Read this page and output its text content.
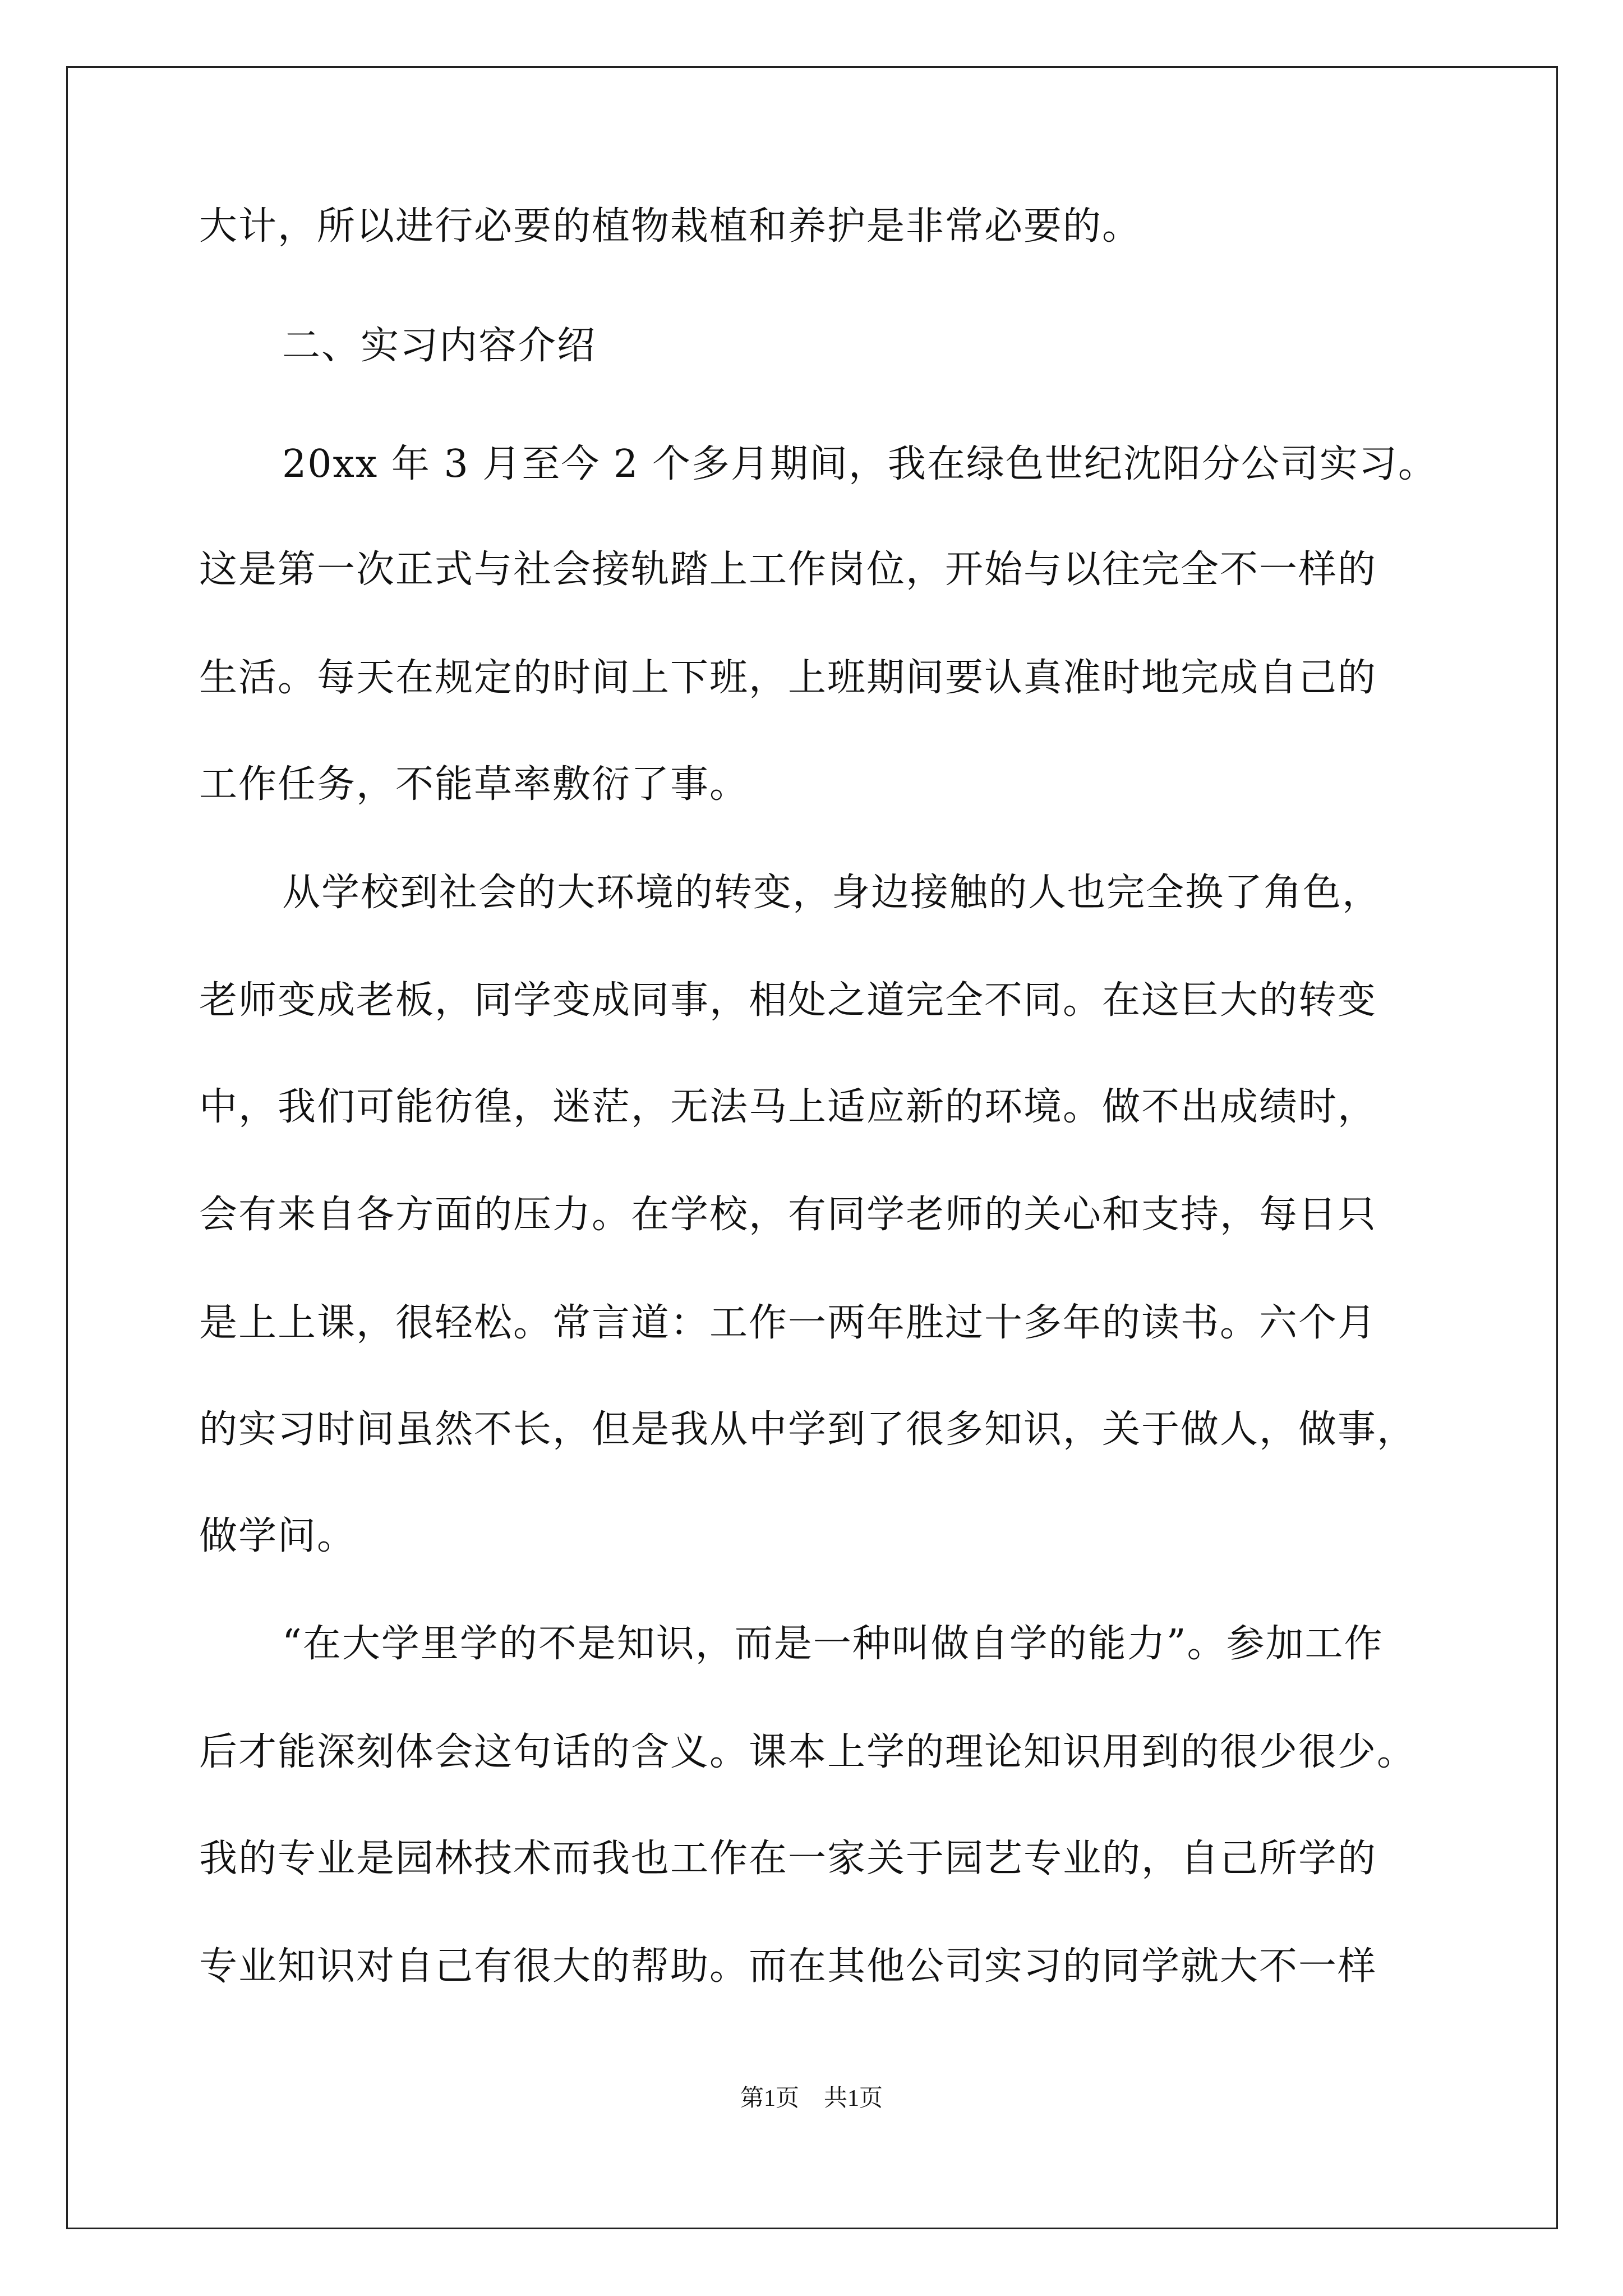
大计，所以进行必要的植物栽植和养护是非常必要的。
二、实习内容介绍
20xx 年 3 月至今 2 个多月期间，我在绿色世纪沈阳分公司实习。
这是第一次正式与社会接轨踏上工作岗位，开始与以往完全不一样的
生活。每天在规定的时间上下班，上班期间要认真准时地完成自己的
工作任务，不能草率敷衍了事。
从学校到社会的大环境的转变，身边接触的人也完全换了角色，
老师变成老板，同学变成同事，相处之道完全不同。在这巨大的转变
中，我们可能彷徨，迷茫，无法马上适应新的环境。做不出成绩时，
会有来自各方面的压力。在学校，有同学老师的关心和支持，每日只
是上上课，很轻松。常言道：工作一两年胜过十多年的读书。六个月
的实习时间虽然不长，但是我从中学到了很多知识，关于做人，做事，
做学问。
“在大学里学的不是知识，而是一种叫做自学的能力”。参加工作
后才能深刻体会这句话的含义。课本上学的理论知识用到的很少很少。
我的专业是园林技术而我也工作在一家关于园艺专业的，自己所学的
专业知识对自己有很大的帮助。而在其他公司实习的同学就大不一样
第1页 共1页
